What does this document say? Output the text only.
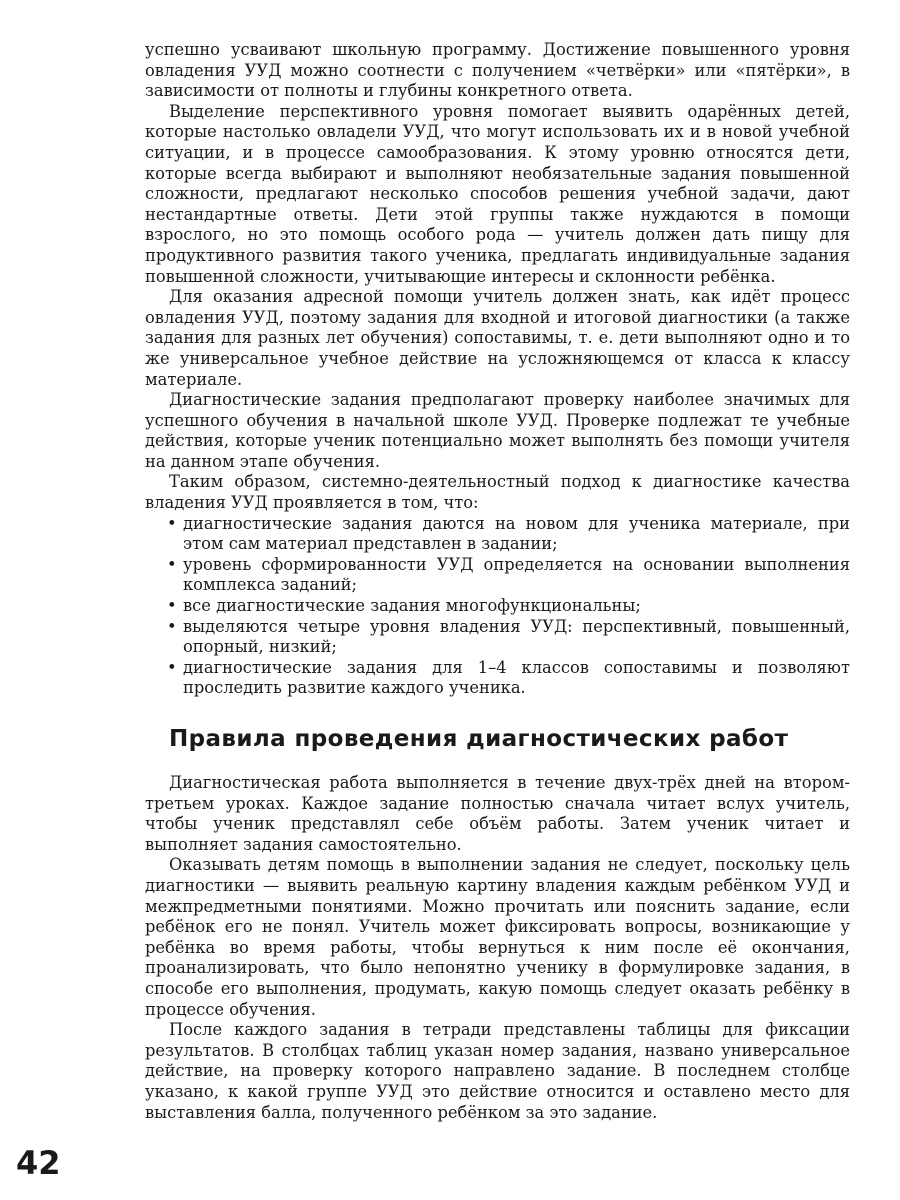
успешно усваивают школьную программу. Достижение повышенного уровня овладения УУД можно соотнести с получением «четвёрки» или «пятёрки», в зависимости от полноты и глубины конкретного ответа.

Выделение перспективного уровня помогает выявить одарённых детей, которые настолько овладели УУД, что могут использовать их и в новой учебной ситуации, и в процессе самообразования. К этому уровню относятся дети, которые всегда выбирают и выполняют необязательные задания повышенной сложности, предлагают несколько способов решения учебной задачи, дают нестандартные ответы. Дети этой группы также нуждаются в помощи взрослого, но это помощь особого рода — учитель должен дать пищу для продуктивного развития такого ученика, предлагать индивидуальные задания повышенной сложности, учитывающие интересы и склонности ребёнка.

Для оказания адресной помощи учитель должен знать, как идёт процесс овладения УУД, поэтому задания для входной и итоговой диагностики (а также задания для разных лет обучения) сопоставимы, т. е. дети выполняют одно и то же универсальное учебное действие на усложняющемся от класса к классу материале.

Диагностические задания предполагают проверку наиболее значимых для успешного обучения в начальной школе УУД. Проверке подлежат те учебные действия, которые ученик потенциально может выполнять без помощи учителя на данном этапе обучения.

Таким образом, системно-деятельностный подход к диагностике качества владения УУД проявляется в том, что:

• диагностические задания даются на новом для ученика материале, при этом сам материал представлен в задании;
• уровень сформированности УУД определяется на основании выполнения комплекса заданий;
• все диагностические задания многофункциональны;
• выделяются четыре уровня владения УУД: перспективный, повышенный, опорный, низкий;
• диагностические задания для 1–4 классов сопоставимы и позволяют проследить развитие каждого ученика.
Правила проведения диагностических работ

Диагностическая работа выполняется в течение двух-трёх дней на втором-третьем уроках. Каждое задание полностью сначала читает вслух учитель, чтобы ученик представлял себе объём работы. Затем ученик читает и выполняет задания самостоятельно.

Оказывать детям помощь в выполнении задания не следует, поскольку цель диагностики — выявить реальную картину владения каждым ребёнком УУД и межпредметными понятиями. Можно прочитать или пояснить задание, если ребёнок его не понял. Учитель может фиксировать вопросы, возникающие у ребёнка во время работы, чтобы вернуться к ним после её окончания, проанализировать, что было непонятно ученику в формулировке задания, в способе его выполнения, продумать, какую помощь следует оказать ребёнку в процессе обучения.

После каждого задания в тетради представлены таблицы для фиксации результатов. В столбцах таблиц указан номер задания, названо универсальное действие, на проверку которого направлено задание. В последнем столбце указано, к какой группе УУД это действие относится и оставлено место для выставления балла, полученного ребёнком за это задание.

42
